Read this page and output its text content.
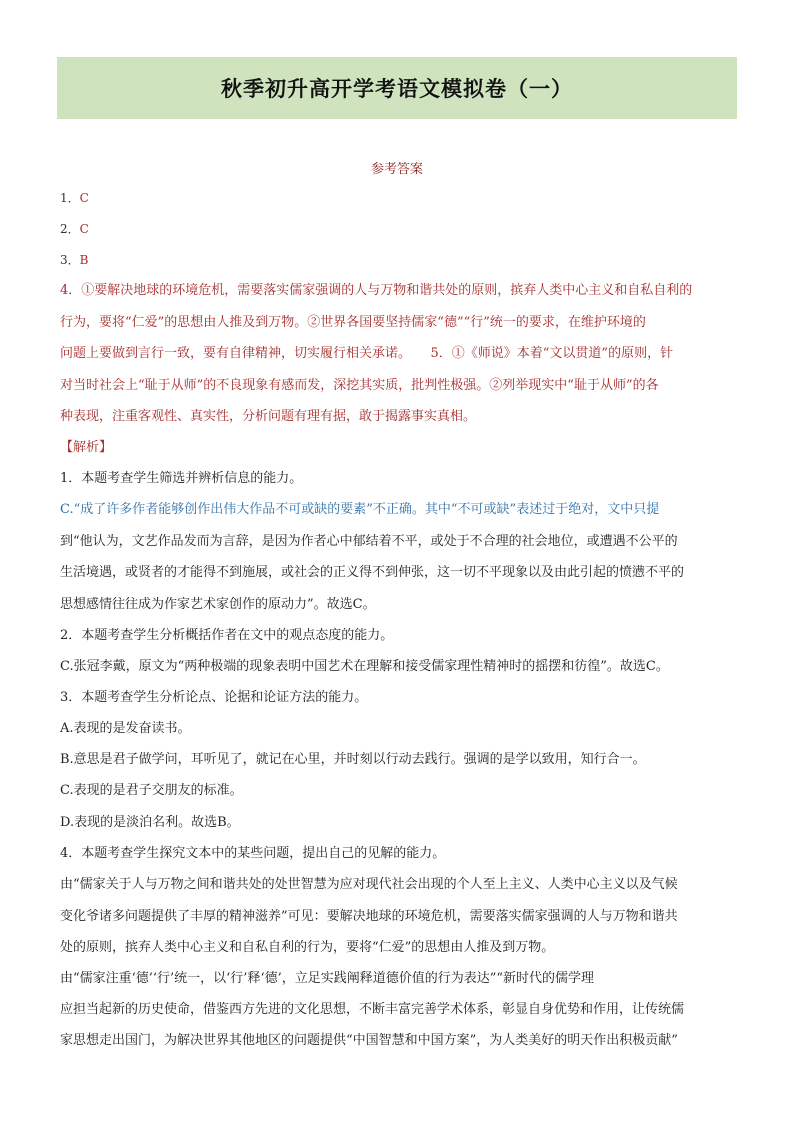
秋季初升高开学考语文模拟卷（一）
参考答案
1．C
2．C
3．B
4．①要解决地球的环境危机，需要落实儒家强调的人与万物和谐共处的原则，摈弃人类中心主义和自私自利的
行为，要将“仁爱”的思想由人推及到万物。②世界各国要坚持儒家“德”“行”统一的要求，在维护环境的
问题上要做到言行一致，要有自律精神，切实履行相关承诺。　　5．①《师说》本着“文以贯道”的原则，针
对当时社会上“耻于从师”的不良现象有感而发，深挖其实质，批判性极强。②列举现实中“耻于从师”的各
种表现，注重客观性、真实性，分析问题有理有据，敢于揭露事实真相。
【解析】
1．本题考查学生筛选并辨析信息的能力。
C.“成了许多作者能够创作出伟大作品不可或缺的要素”不正确。其中“不可或缺”表述过于绝对，文中只提
到“他认为，文艺作品发而为言辞，是因为作者心中郁结着不平，或处于不合理的社会地位，或遭遇不公平的
生活境遇，或贤者的才能得不到施展，或社会的正义得不到伸张，这一切不平现象以及由此引起的愤懑不平的
思想感情往往成为作家艺术家创作的原动力”。故选C。
2．本题考查学生分析概括作者在文中的观点态度的能力。
C.张冠李戴，原文为“两种极端的现象表明中国艺术在理解和接受儒家理性精神时的摇摆和彷徨”。故选C。
3．本题考查学生分析论点、论据和论证方法的能力。
A.表现的是发奋读书。
B.意思是君子做学问，耳听见了，就记在心里，并时刻以行动去践行。强调的是学以致用，知行合一。
C.表现的是君子交朋友的标准。
D.表现的是淡泊名利。故选B。
4．本题考查学生探究文本中的某些问题，提出自己的见解的能力。
由“儒家关于人与万物之间和谐共处的处世智慧为应对现代社会出现的个人至上主义、人类中心主义以及气候
变化爷诸多问题提供了丰厚的精神滋养”可见：要解决地球的环境危机，需要落实儒家强调的人与万物和谐共
处的原则，摈弃人类中心主义和自私自利的行为，要将“仁爱”的思想由人推及到万物。
由“儒家注重‘德’‘行’统一，以‘行’释‘德’，立足实践阐释道德价值的行为表达”“新时代的儒学理
应担当起新的历史使命，借鉴西方先进的文化思想，不断丰富完善学术体系，彰显自身优势和作用，让传统儒
家思想走出国门，为解决世界其他地区的问题提供“中国智慧和中国方案”，为人类美好的明天作出积极贡献”
